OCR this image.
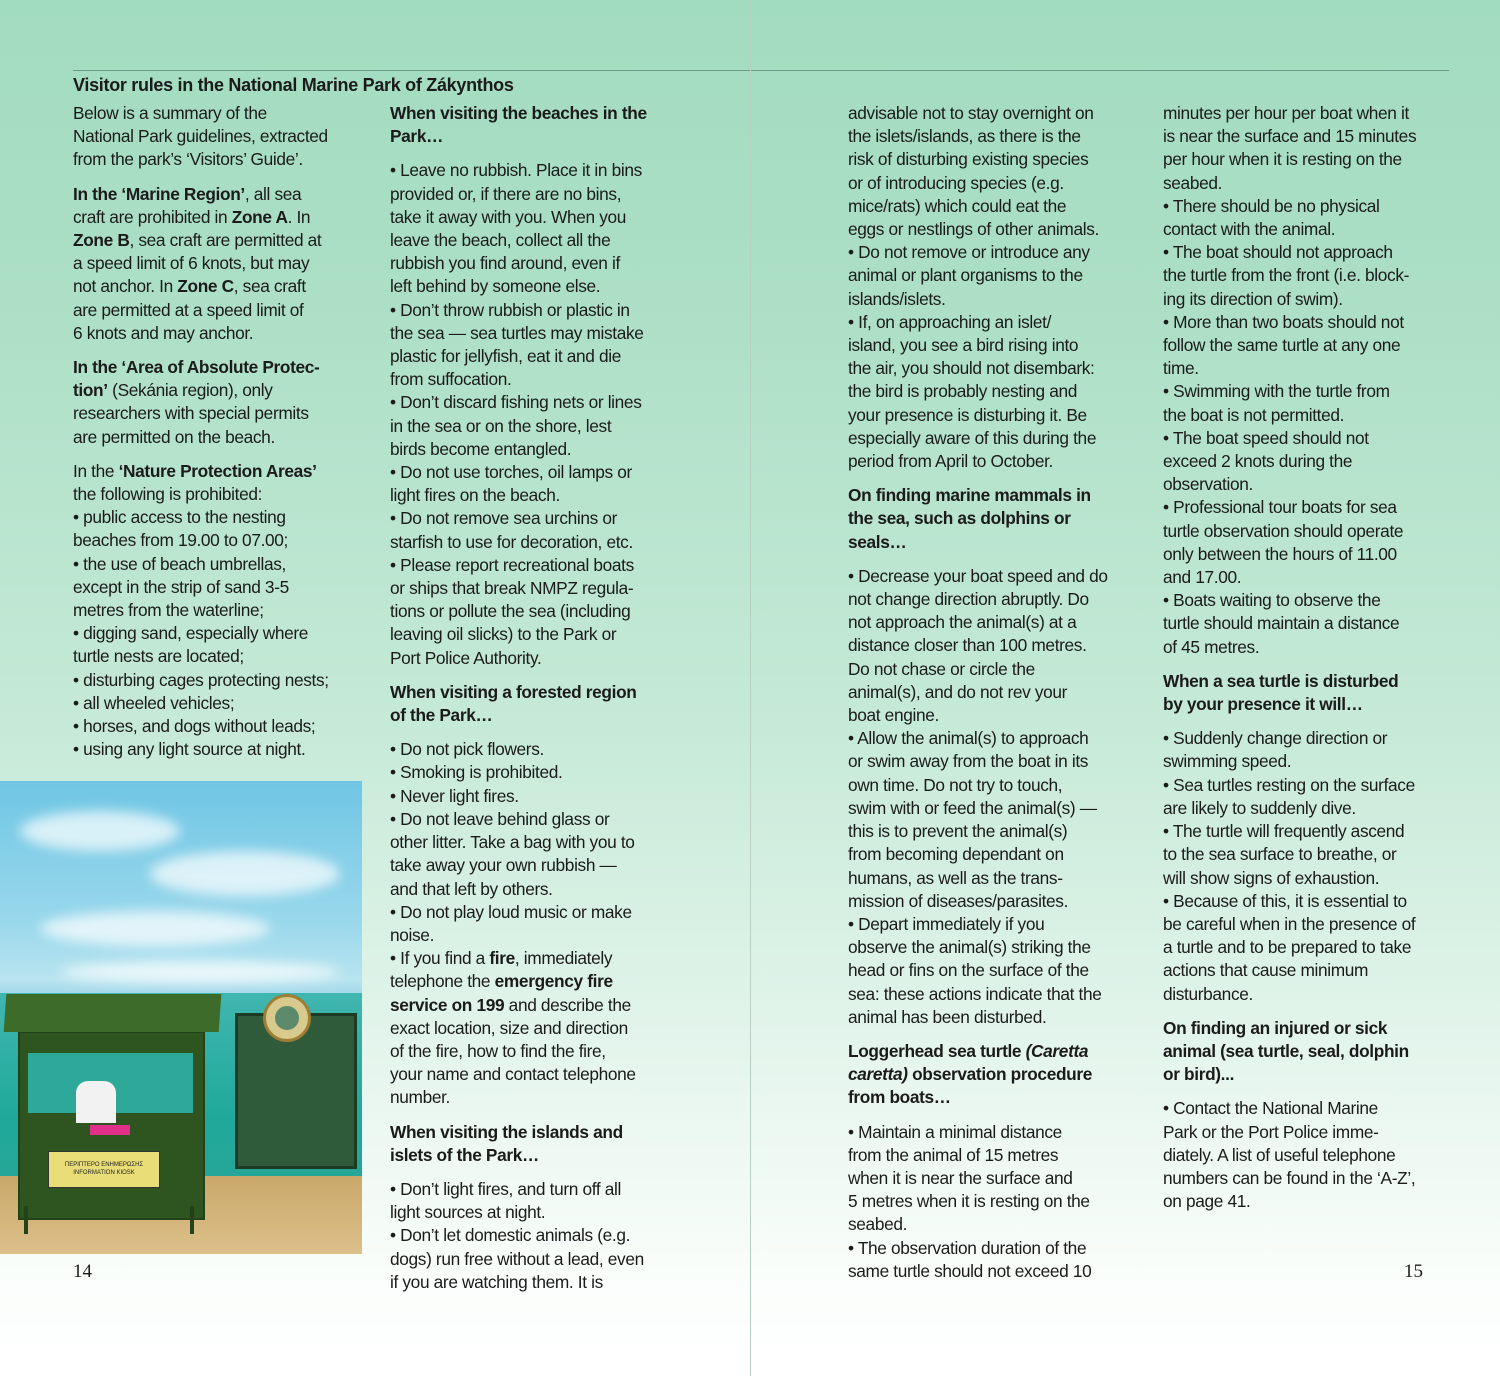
Visitor rules in the National Marine Park of Zákynthos
Below is a summary of the
National Park guidelines, extracted
from the park’s ‘Visitors’ Guide’.
In the ‘Marine Region’, all sea
craft are prohibited in Zone A. In
Zone B, sea craft are permitted at
a speed limit of 6 knots, but may
not anchor. In Zone C, sea craft
are permitted at a speed limit of
6 knots and may anchor.
In the ‘Area of Absolute Protec-
tion’ (Sekánia region), only
researchers with special permits
are permitted on the beach.
In the ‘Nature Protection Areas’
the following is prohibited:
• public access to the nesting
beaches from 19.00 to 07.00;
• the use of beach umbrellas,
except in the strip of sand 3-5
metres from the waterline;
• digging sand, especially where
turtle nests are located;
• disturbing cages protecting nests;
• all wheeled vehicles;
• horses, and dogs without leads;
• using any light source at night.
When visiting the beaches in the
Park…
• Leave no rubbish. Place it in bins
provided or, if there are no bins,
take it away with you. When you
leave the beach, collect all the
rubbish you find around, even if
left behind by someone else.
• Don’t throw rubbish or plastic in
the sea — sea turtles may mistake
plastic for jellyfish, eat it and die
from suffocation.
• Don’t discard fishing nets or lines
in the sea or on the shore, lest
birds become entangled.
• Do not use torches, oil lamps or
light fires on the beach.
• Do not remove sea urchins or
starfish to use for decoration, etc.
• Please report recreational boats
or ships that break NMPZ regula-
tions or pollute the sea (including
leaving oil slicks) to the Park or
Port Police Authority.
When visiting a forested region
of the Park…
• Do not pick flowers.
• Smoking is prohibited.
• Never light fires.
• Do not leave behind glass or
other litter. Take a bag with you to
take away your own rubbish —
and that left by others.
• Do not play loud music or make
noise.
• If you find a fire, immediately
telephone the emergency fire
service on 199 and describe the
exact location, size and direction
of the fire, how to find the fire,
your name and contact telephone
number.
When visiting the islands and
islets of the Park…
• Don’t light fires, and turn off all
light sources at night.
• Don’t let domestic animals (e.g.
dogs) run free without a lead, even
if you are watching them. It is
advisable not to stay overnight on
the islets/islands, as there is the
risk of disturbing existing species
or of introducing species (e.g.
mice/rats) which could eat the
eggs or nestlings of other animals.
• Do not remove or introduce any
animal or plant organisms to the
islands/islets.
• If, on approaching an islet/
island, you see a bird rising into
the air, you should not disembark:
the bird is probably nesting and
your presence is disturbing it. Be
especially aware of this during the
period from April to October.
On finding marine mammals in
the sea, such as dolphins or
seals…
• Decrease your boat speed and do
not change direction abruptly. Do
not approach the animal(s) at a
distance closer than 100 metres.
Do not chase or circle the
animal(s), and do not rev your
boat engine.
• Allow the animal(s) to approach
or swim away from the boat in its
own time. Do not try to touch,
swim with or feed the animal(s) —
this is to prevent the animal(s)
from becoming dependant on
humans, as well as the trans-
mission of diseases/parasites.
• Depart immediately if you
observe the animal(s) striking the
head or fins on the surface of the
sea: these actions indicate that the
animal has been disturbed.
Loggerhead sea turtle (Caretta
caretta) observation procedure
from boats…
• Maintain a minimal distance
from the animal of 15 metres
when it is near the surface and
5 metres when it is resting on the
seabed.
• The observation duration of the
same turtle should not exceed 10
minutes per hour per boat when it
is near the surface and 15 minutes
per hour when it is resting on the
seabed.
• There should be no physical
contact with the animal.
• The boat should not approach
the turtle from the front (i.e. block-
ing its direction of swim).
• More than two boats should not
follow the same turtle at any one
time.
• Swimming with the turtle from
the boat is not permitted.
• The boat speed should not
exceed 2 knots during the
observation.
• Professional tour boats for sea
turtle observation should operate
only between the hours of 11.00
and 17.00.
• Boats waiting to observe the
turtle should maintain a distance
of 45 metres.
When a sea turtle is disturbed
by your presence it will…
• Suddenly change direction or
swimming speed.
• Sea turtles resting on the surface
are likely to suddenly dive.
• The turtle will frequently ascend
to the sea surface to breathe, or
will show signs of exhaustion.
• Because of this, it is essential to
be careful when in the presence of
a turtle and to be prepared to take
actions that cause minimum
disturbance.
On finding an injured or sick
animal (sea turtle, seal, dolphin
or bird)...
• Contact the National Marine
Park or the Port Police imme-
diately. A list of useful telephone
numbers can be found in the ‘A-Z’,
on page 41.
ΠΕΡΙΠΤΕΡΟ ΕΝΗΜΕΡΩΣΗΣ
INFORMATION KIOSK
14	15
